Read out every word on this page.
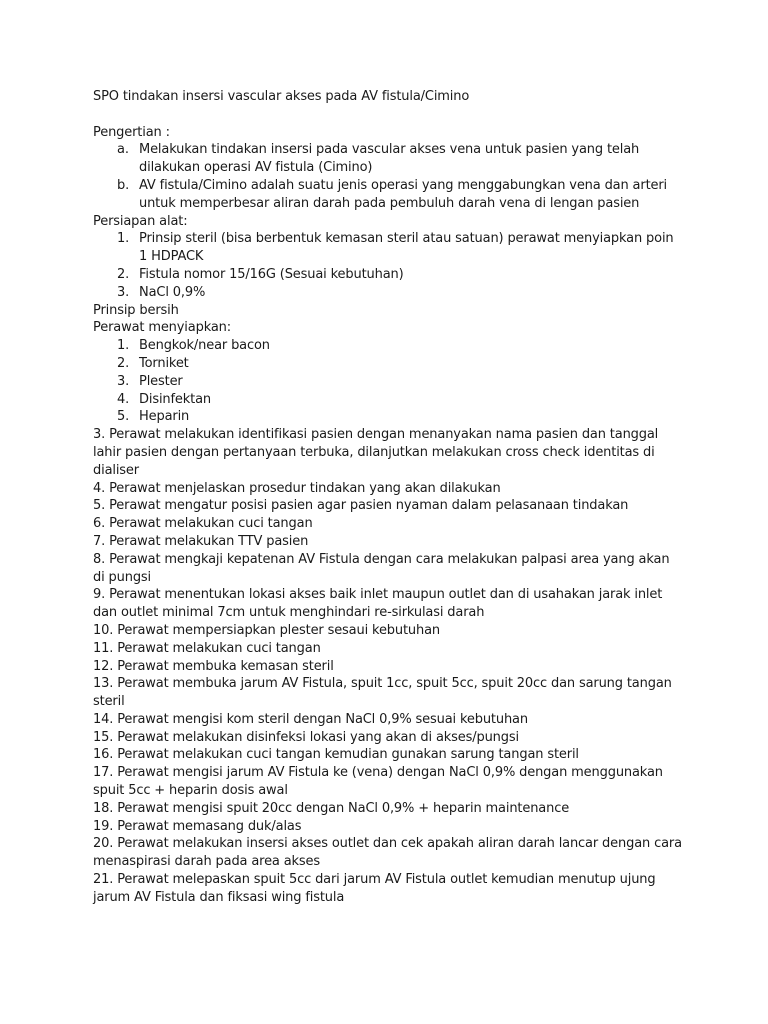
SPO tindakan insersi vascular akses pada AV fistula/Cimino

Pengertian :

a. Melakukan tindakan insersi pada vascular akses vena untuk pasien yang telah dilakukan operasi AV fistula (Cimino)
b. AV fistula/Cimino adalah suatu jenis operasi yang menggabungkan vena dan arteri untuk memperbesar aliran darah pada pembuluh darah vena di lengan pasien

Persiapan alat:

1. Prinsip steril (bisa berbentuk kemasan steril atau satuan) perawat menyiapkan poin 1 HDPACK
2. Fistula nomor 15/16G (Sesuai kebutuhan)
3. NaCl 0,9%

Prinsip bersih

Perawat menyiapkan:

1. Bengkok/near bacon
2. Torniket
3. Plester
4. Disinfektan
5. Heparin

3. Perawat melakukan identifikasi pasien dengan menanyakan nama pasien dan tanggal lahir pasien dengan pertanyaan terbuka, dilanjutkan melakukan cross check identitas di dialiser

4. Perawat menjelaskan prosedur tindakan yang akan dilakukan

5. Perawat mengatur posisi pasien agar pasien nyaman dalam pelasanaan tindakan

6. Perawat melakukan cuci tangan

7. Perawat melakukan TTV pasien

8. Perawat mengkaji kepatenan AV Fistula dengan cara melakukan palpasi area yang akan di pungsi

9. Perawat menentukan lokasi akses baik inlet maupun outlet dan di usahakan jarak inlet dan outlet minimal 7cm untuk menghindari re-sirkulasi darah

10. Perawat mempersiapkan plester sesaui kebutuhan

11. Perawat melakukan cuci tangan

12. Perawat membuka kemasan steril

13. Perawat membuka jarum AV Fistula, spuit 1cc, spuit 5cc, spuit 20cc dan sarung tangan steril

14. Perawat mengisi kom steril dengan NaCl 0,9% sesuai kebutuhan

15. Perawat melakukan disinfeksi lokasi yang akan di akses/pungsi

16. Perawat melakukan cuci tangan kemudian gunakan sarung tangan steril

17. Perawat mengisi jarum AV Fistula ke (vena) dengan NaCl 0,9% dengan menggunakan spuit 5cc + heparin dosis awal

18. Perawat mengisi spuit 20cc dengan NaCl 0,9% + heparin maintenance

19. Perawat memasang duk/alas

20. Perawat melakukan insersi akses outlet dan cek apakah aliran darah lancar dengan cara menaspirasi darah pada area akses

21. Perawat melepaskan spuit 5cc dari jarum AV Fistula outlet kemudian menutup ujung jarum AV Fistula dan fiksasi wing fistula
